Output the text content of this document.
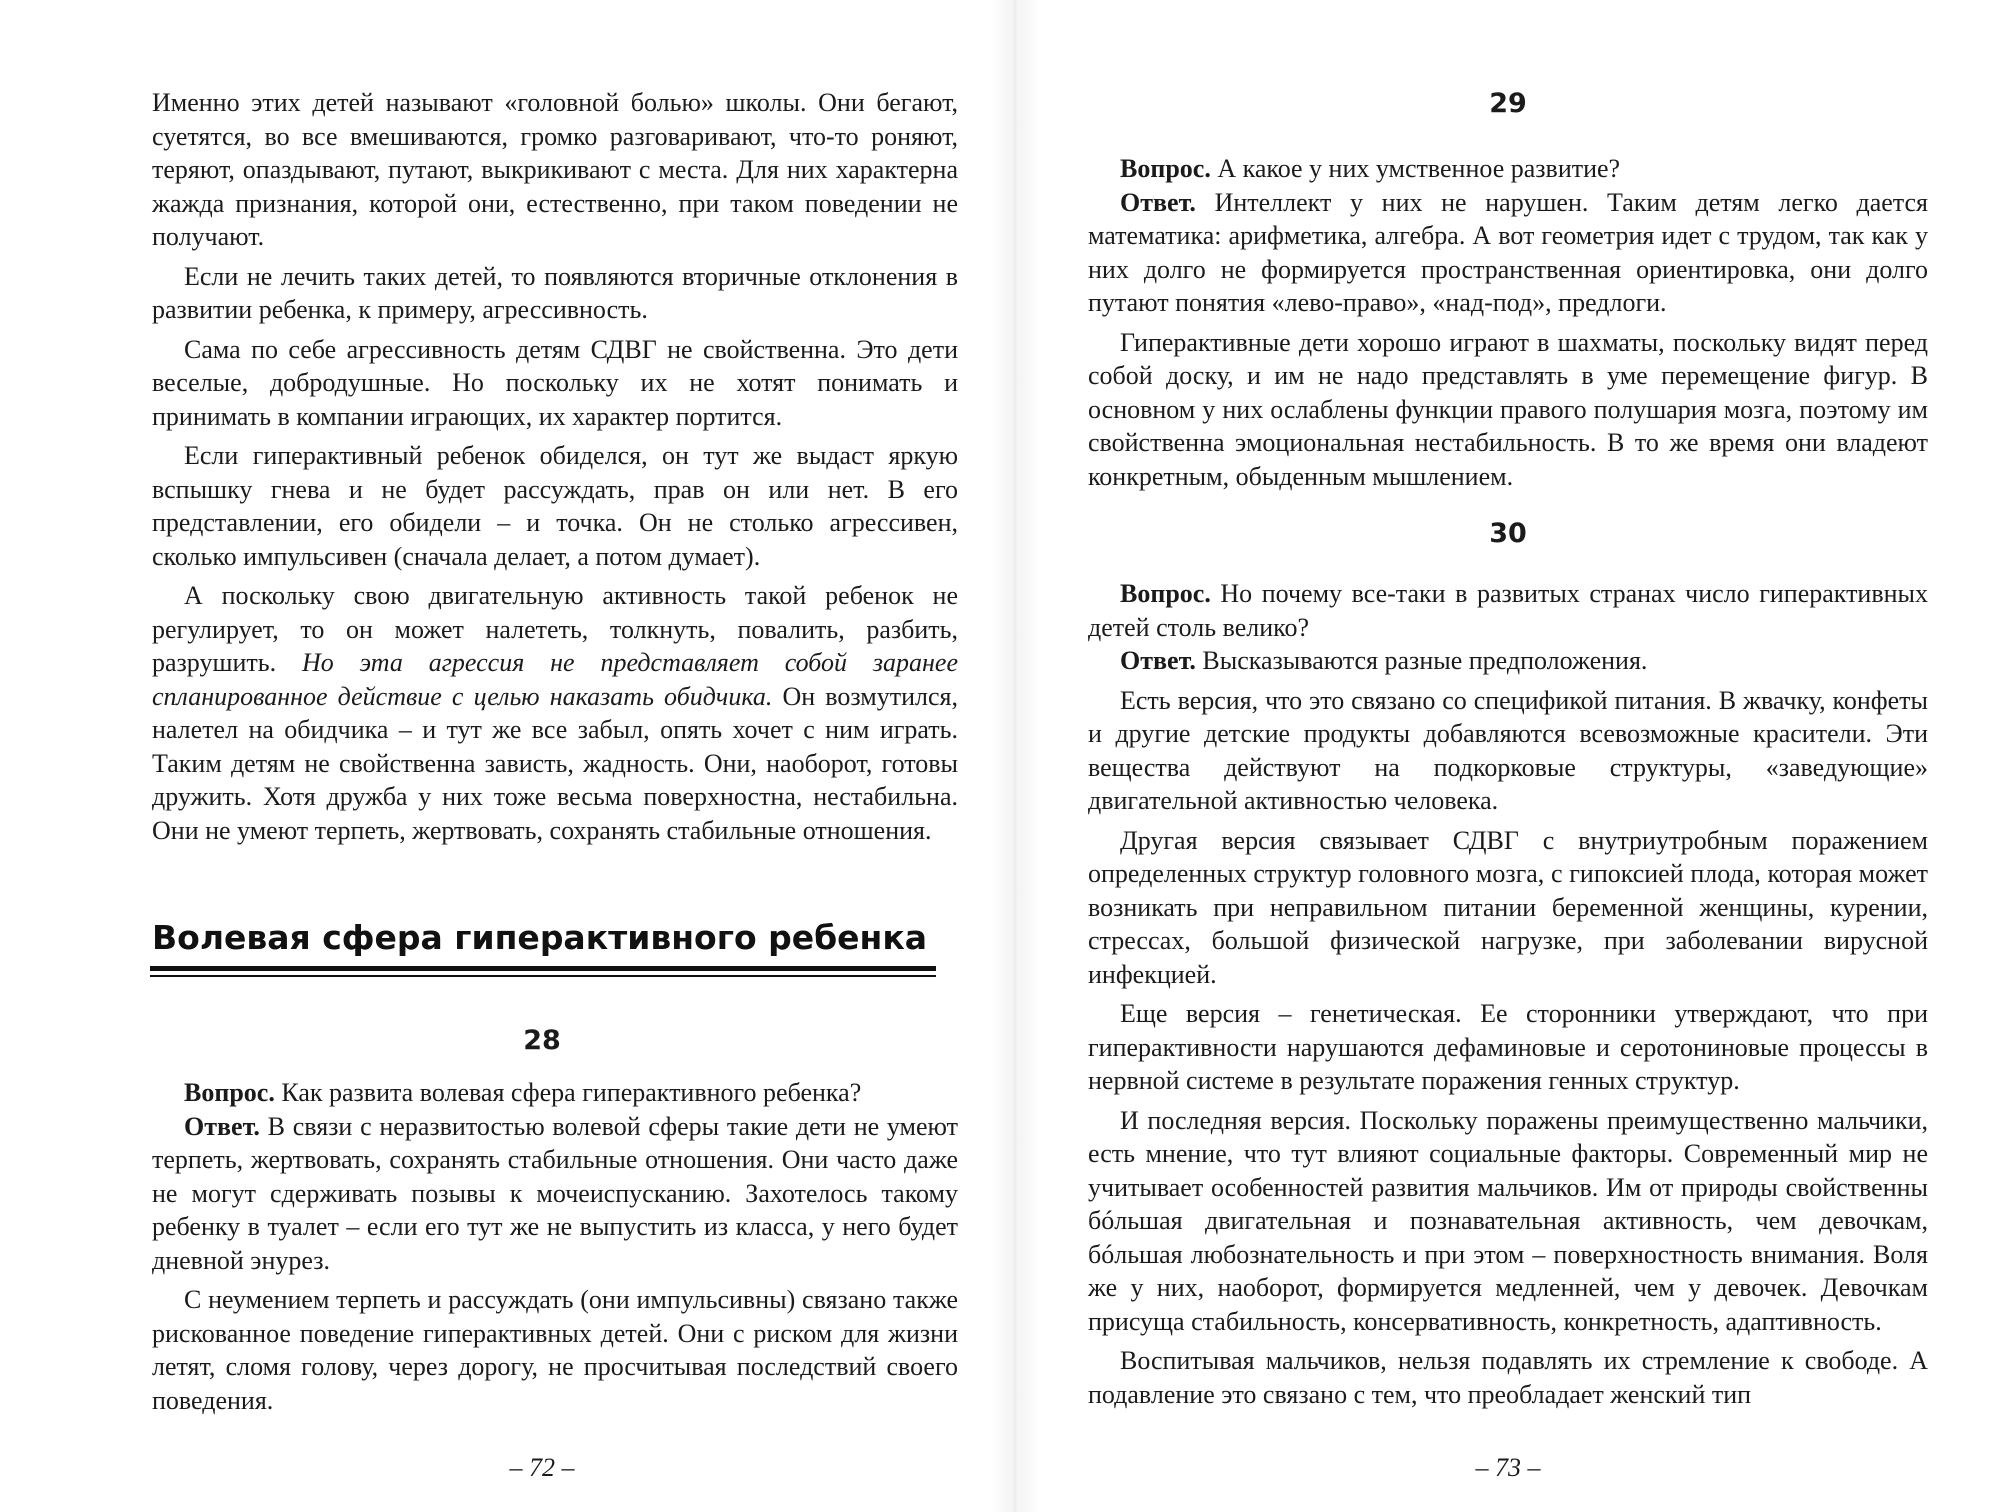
Именно этих детей называют «головной болью» школы. Они бегают, суетятся, во все вмешиваются, громко разговаривают, что-то роняют, теряют, опаздывают, путают, выкрикивают с места. Для них характерна жажда признания, которой они, естественно, при таком поведении не получают.

Если не лечить таких детей, то появляются вторичные отклонения в развитии ребенка, к примеру, агрессивность.

Сама по себе агрессивность детям СДВГ не свойственна. Это дети веселые, добродушные. Но поскольку их не хотят понимать и принимать в компании играющих, их характер портится.

Если гиперактивный ребенок обиделся, он тут же выдаст яркую вспышку гнева и не будет рассуждать, прав он или нет. В его представлении, его обидели – и точка. Он не столько агрессивен, сколько импульсивен (сначала делает, а потом думает).

А поскольку свою двигательную активность такой ребенок не регулирует, то он может налететь, толкнуть, повалить, разбить, разрушить. Но эта агрессия не представляет собой заранее спланированное действие с целью наказать обидчика. Он возмутился, налетел на обидчика – и тут же все забыл, опять хочет с ним играть. Таким детям не свойственна зависть, жадность. Они, наоборот, готовы дружить. Хотя дружба у них тоже весьма поверхностна, нестабильна. Они не умеют терпеть, жертвовать, сохранять стабильные отношения.

Волевая сфера гиперактивного ребенка
28

Вопрос. Как развита волевая сфера гиперактивного ребенка?

Ответ. В связи с неразвитостью волевой сферы такие дети не умеют терпеть, жертвовать, сохранять стабильные отношения. Они часто даже не могут сдерживать позывы к мочеиспусканию. Захотелось такому ребенку в туалет – если его тут же не выпустить из класса, у него будет дневной энурез.

С неумением терпеть и рассуждать (они импульсивны) связано также рискованное поведение гиперактивных детей. Они с риском для жизни летят, сломя голову, через дорогу, не просчитывая последствий своего поведения.

– 72 –
29

Вопрос. А какое у них умственное развитие?

Ответ. Интеллект у них не нарушен. Таким детям легко дается математика: арифметика, алгебра. А вот геометрия идет с трудом, так как у них долго не формируется пространственная ориентировка, они долго путают понятия «лево-право», «над-под», предлоги.

Гиперактивные дети хорошо играют в шахматы, поскольку видят перед собой доску, и им не надо представлять в уме перемещение фигур. В основном у них ослаблены функции правого полушария мозга, поэтому им свойственна эмоциональная нестабильность. В то же время они владеют конкретным, обыденным мышлением.

30

Вопрос. Но почему все-таки в развитых странах число гиперактивных детей столь велико?

Ответ. Высказываются разные предположения.

Есть версия, что это связано со спецификой питания. В жвачку, конфеты и другие детские продукты добавляются всевозможные красители. Эти вещества действуют на подкорковые структуры, «заведующие» двигательной активностью человека.

Другая версия связывает СДВГ с внутриутробным поражением определенных структур головного мозга, с гипоксией плода, которая может возникать при неправильном питании беременной женщины, курении, стрессах, большой физической нагрузке, при заболевании вирусной инфекцией.

Еще версия – генетическая. Ее сторонники утверждают, что при гиперактивности нарушаются дефаминовые и серотониновые процессы в нервной системе в результате поражения генных структур.

И последняя версия. Поскольку поражены преимущественно мальчики, есть мнение, что тут влияют социальные факторы. Современный мир не учитывает особенностей развития мальчиков. Им от природы свойственны бóльшая двигательная и познавательная активность, чем девочкам, бóльшая любознательность и при этом – поверхностность внимания. Воля же у них, наоборот, формируется медленней, чем у девочек. Девочкам присуща стабильность, консервативность, конкретность, адаптивность.

Воспитывая мальчиков, нельзя подавлять их стремление к свободе. А подавление это связано с тем, что преобладает женский тип

– 73 –
